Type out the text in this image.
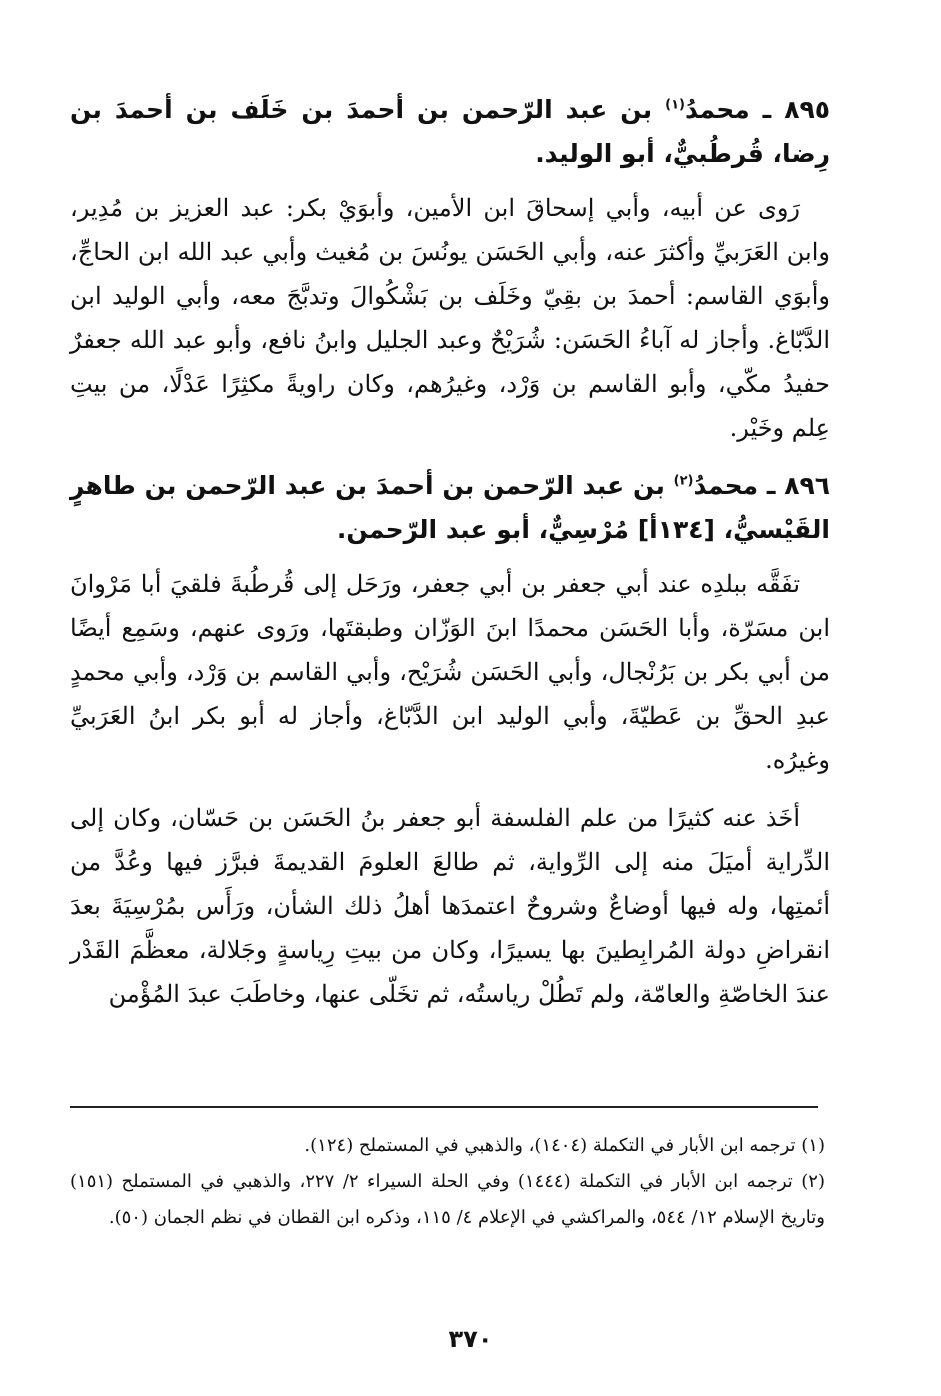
٨٩٥ ـ محمدُ$^{(١)}$ بن عبد الرّحمن بن أحمدَ بن خَلَف بن أحمدَ بن رِضا، قُرطُبيٌّ، أبو الوليد.

رَوى عن أبيه، وأبي إسحاقَ ابن الأمين، وأبوَيْ بكر: عبد العزيز بن مُدِير، وابن العَرَبيِّ وأكثرَ عنه، وأبي الحَسَن يونُسَ بن مُغيث وأبي عبد الله ابن الحاجِّ، وأبوَي القاسم: أحمدَ بن بقِيّ وخَلَف بن بَشْكُوالَ وتدبَّجَ معه، وأبي الوليد ابن الدَّبّاغ. وأجاز له آباءُ الحَسَن: شُرَيْحٌ وعبد الجليل وابنُ نافع، وأبو عبد الله جعفرٌ حفيدُ مكّي، وأبو القاسم بن وَرْد، وغيرُهم، وكان راويةً مكثِرًا عَدْلًا، من بيتِ عِلم وخَيْر.

٨٩٦ ـ محمدُ$^{(٢)}$ بن عبد الرّحمن بن أحمدَ بن عبد الرّحمن بن طاهرٍ القَيْسيُّ، [١٣٤أ] مُرْسِيٌّ، أبو عبد الرّحمن.

تفَقَّه ببلدِه عند أبي جعفر بن أبي جعفر، ورَحَل إلى قُرطُبةَ فلقيَ أبا مَرْوانَ ابن مسَرّة، وأبا الحَسَن محمدًا ابنَ الوَزّان وطبقتَها، ورَوى عنهم، وسَمِع أيضًا من أبي بكر بن بَرُنْجال، وأبي الحَسَن شُرَيْح، وأبي القاسم بن وَرْد، وأبي محمدٍ عبدِ الحقِّ بن عَطيّةَ، وأبي الوليد ابن الدَّبّاغ، وأجاز له أبو بكر ابنُ العَرَبيِّ وغيرُه.

أخَذ عنه كثيرًا من علم الفلسفة أبو جعفر بنُ الحَسَن بن حَسّان، وكان إلى الدِّراية أميَلَ منه إلى الرِّواية، ثم طالعَ العلومَ القديمةَ فبرَّز فيها وعُدَّ من أئمتِها، وله فيها أوضاعٌ وشروحٌ اعتمدَها أهلُ ذلك الشأن، ورَأَس بمُرْسِيَةَ بعدَ انقراضِ دولة المُرابِطينَ بها يسيرًا، وكان من بيتِ رِياسةٍ وجَلالة، معظَّمَ القَدْر عندَ الخاصّةِ والعامّة، ولم تَطُلْ رياستُه، ثم تخَلّى عنها، وخاطَبَ عبدَ المُؤْمن

(١) ترجمه ابن الأبار في التكملة (١٤٠٤)، والذهبي في المستملح (١٢٤).

(٢) ترجمه ابن الأبار في التكملة (١٤٤٤) وفي الحلة السيراء ٢/ ٢٢٧، والذهبي في المستملح (١٥١) وتاريخ الإسلام ١٢/ ٥٤٤، والمراكشي في الإعلام ٤/ ١١٥، وذكره ابن القطان في نظم الجمان (٥٠).

٣٧٠
